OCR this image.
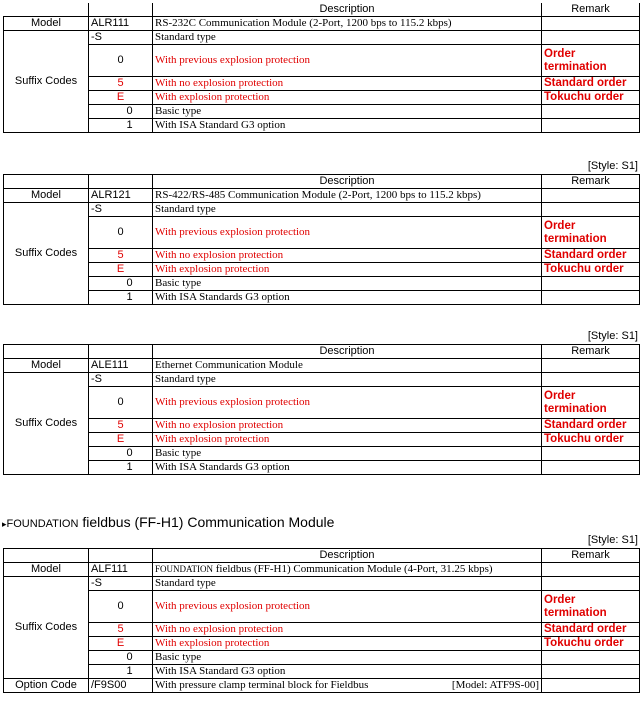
		Description	Remark
Model	ALR111	RS-232C Communication Module (2-Port, 1200 bps to 115.2 kbps)	
Suffix Codes	-S	Standard type	
	0	With previous explosion protection	Order termination
	5	With no explosion protection	Standard order
	E	With explosion protection	Tokuchu order
	0	Basic type	
	1	With ISA Standard G3 option	
[Style: S1]
		Description	Remark
Model	ALR121	RS-422/RS-485 Communication Module (2-Port, 1200 bps to 115.2 kbps)	
Suffix Codes	-S	Standard type	
	0	With previous explosion protection	Order termination
	5	With no explosion protection	Standard order
	E	With explosion protection	Tokuchu order
	0	Basic type	
	1	With ISA Standards G3 option	
[Style: S1]
		Description	Remark
Model	ALE111	Ethernet Communication Module	
Suffix Codes	-S	Standard type	
	0	With previous explosion protection	Order termination
	5	With no explosion protection	Standard order
	E	With explosion protection	Tokuchu order
	0	Basic type	
	1	With ISA Standards G3 option	
▸FOUNDATION fieldbus (FF-H1) Communication Module
[Style: S1]
		Description	Remark
Model	ALF111	FOUNDATION fieldbus (FF-H1) Communication Module (4-Port, 31.25 kbps)	
Suffix Codes	-S	Standard type	
	0	With previous explosion protection	Order termination
	5	With no explosion protection	Standard order
	E	With explosion protection	Tokuchu order
	0	Basic type	
	1	With ISA Standard G3 option	
Option Code	/F9S00	With pressure clamp terminal block for Fieldbus [Model: ATF9S-00]	
